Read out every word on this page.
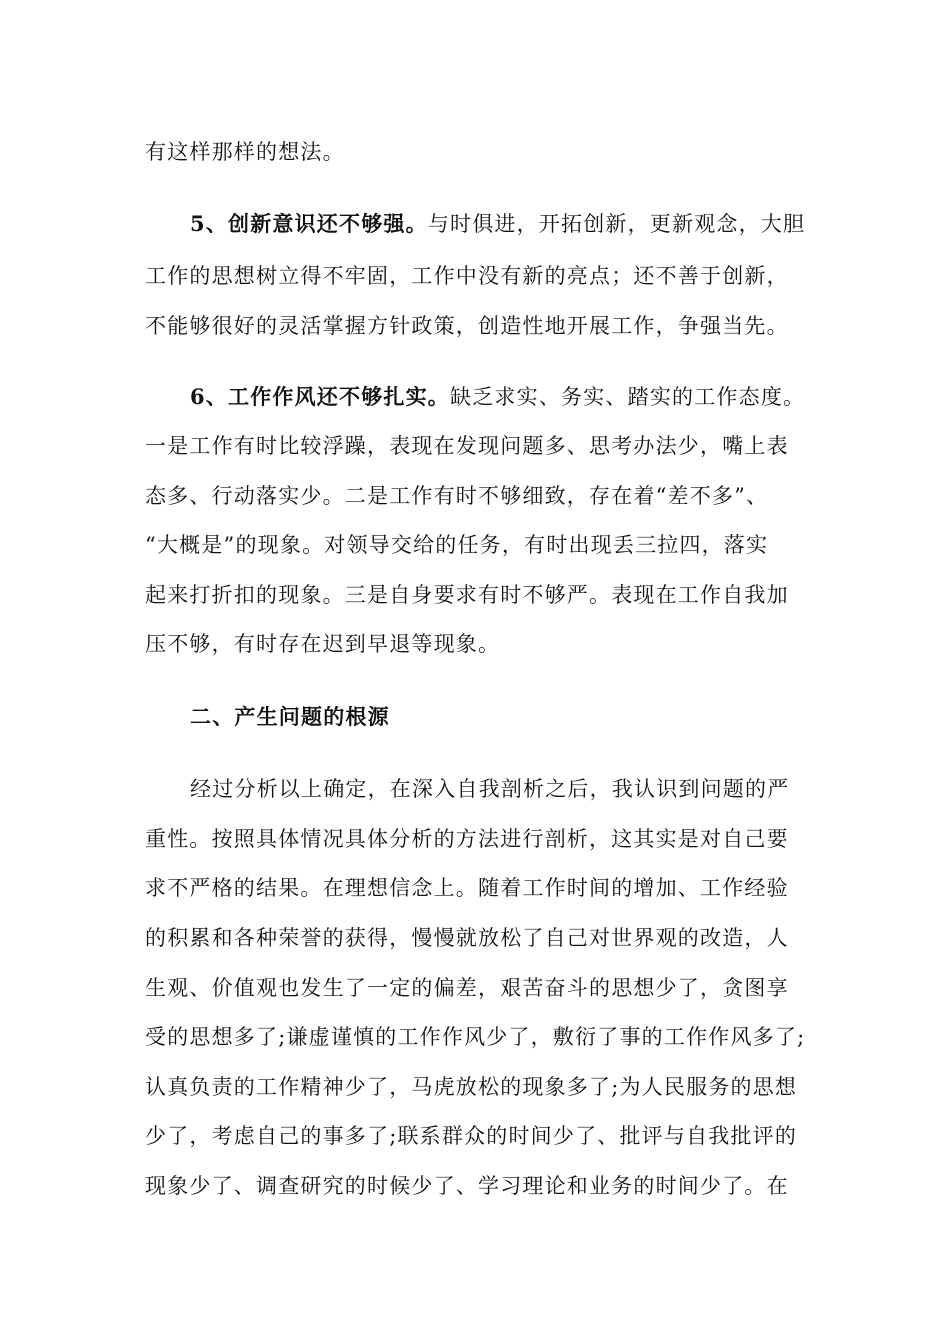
有这样那样的想法。
5、创新意识还不够强。与时俱进，开拓创新，更新观念，大胆
工作的思想树立得不牢固，工作中没有新的亮点；还不善于创新，
不能够很好的灵活掌握方针政策，创造性地开展工作，争强当先。
6、工作作风还不够扎实。缺乏求实、务实、踏实的工作态度。
一是工作有时比较浮躁，表现在发现问题多、思考办法少，嘴上表
态多、行动落实少。二是工作有时不够细致，存在着“差不多”、
“大概是”的现象。对领导交给的任务，有时出现丢三拉四，落实
起来打折扣的现象。三是自身要求有时不够严。表现在工作自我加
压不够，有时存在迟到早退等现象。
二、产生问题的根源
经过分析以上确定，在深入自我剖析之后，我认识到问题的严
重性。按照具体情况具体分析的方法进行剖析，这其实是对自己要
求不严格的结果。在理想信念上。随着工作时间的增加、工作经验
的积累和各种荣誉的获得，慢慢就放松了自己对世界观的改造，人
生观、价值观也发生了一定的偏差，艰苦奋斗的思想少了，贪图享
受的思想多了;谦虚谨慎的工作作风少了，敷衍了事的工作作风多了;
认真负责的工作精神少了，马虎放松的现象多了;为人民服务的思想
少了，考虑自己的事多了;联系群众的时间少了、批评与自我批评的
现象少了、调查研究的时候少了、学习理论和业务的时间少了。在
